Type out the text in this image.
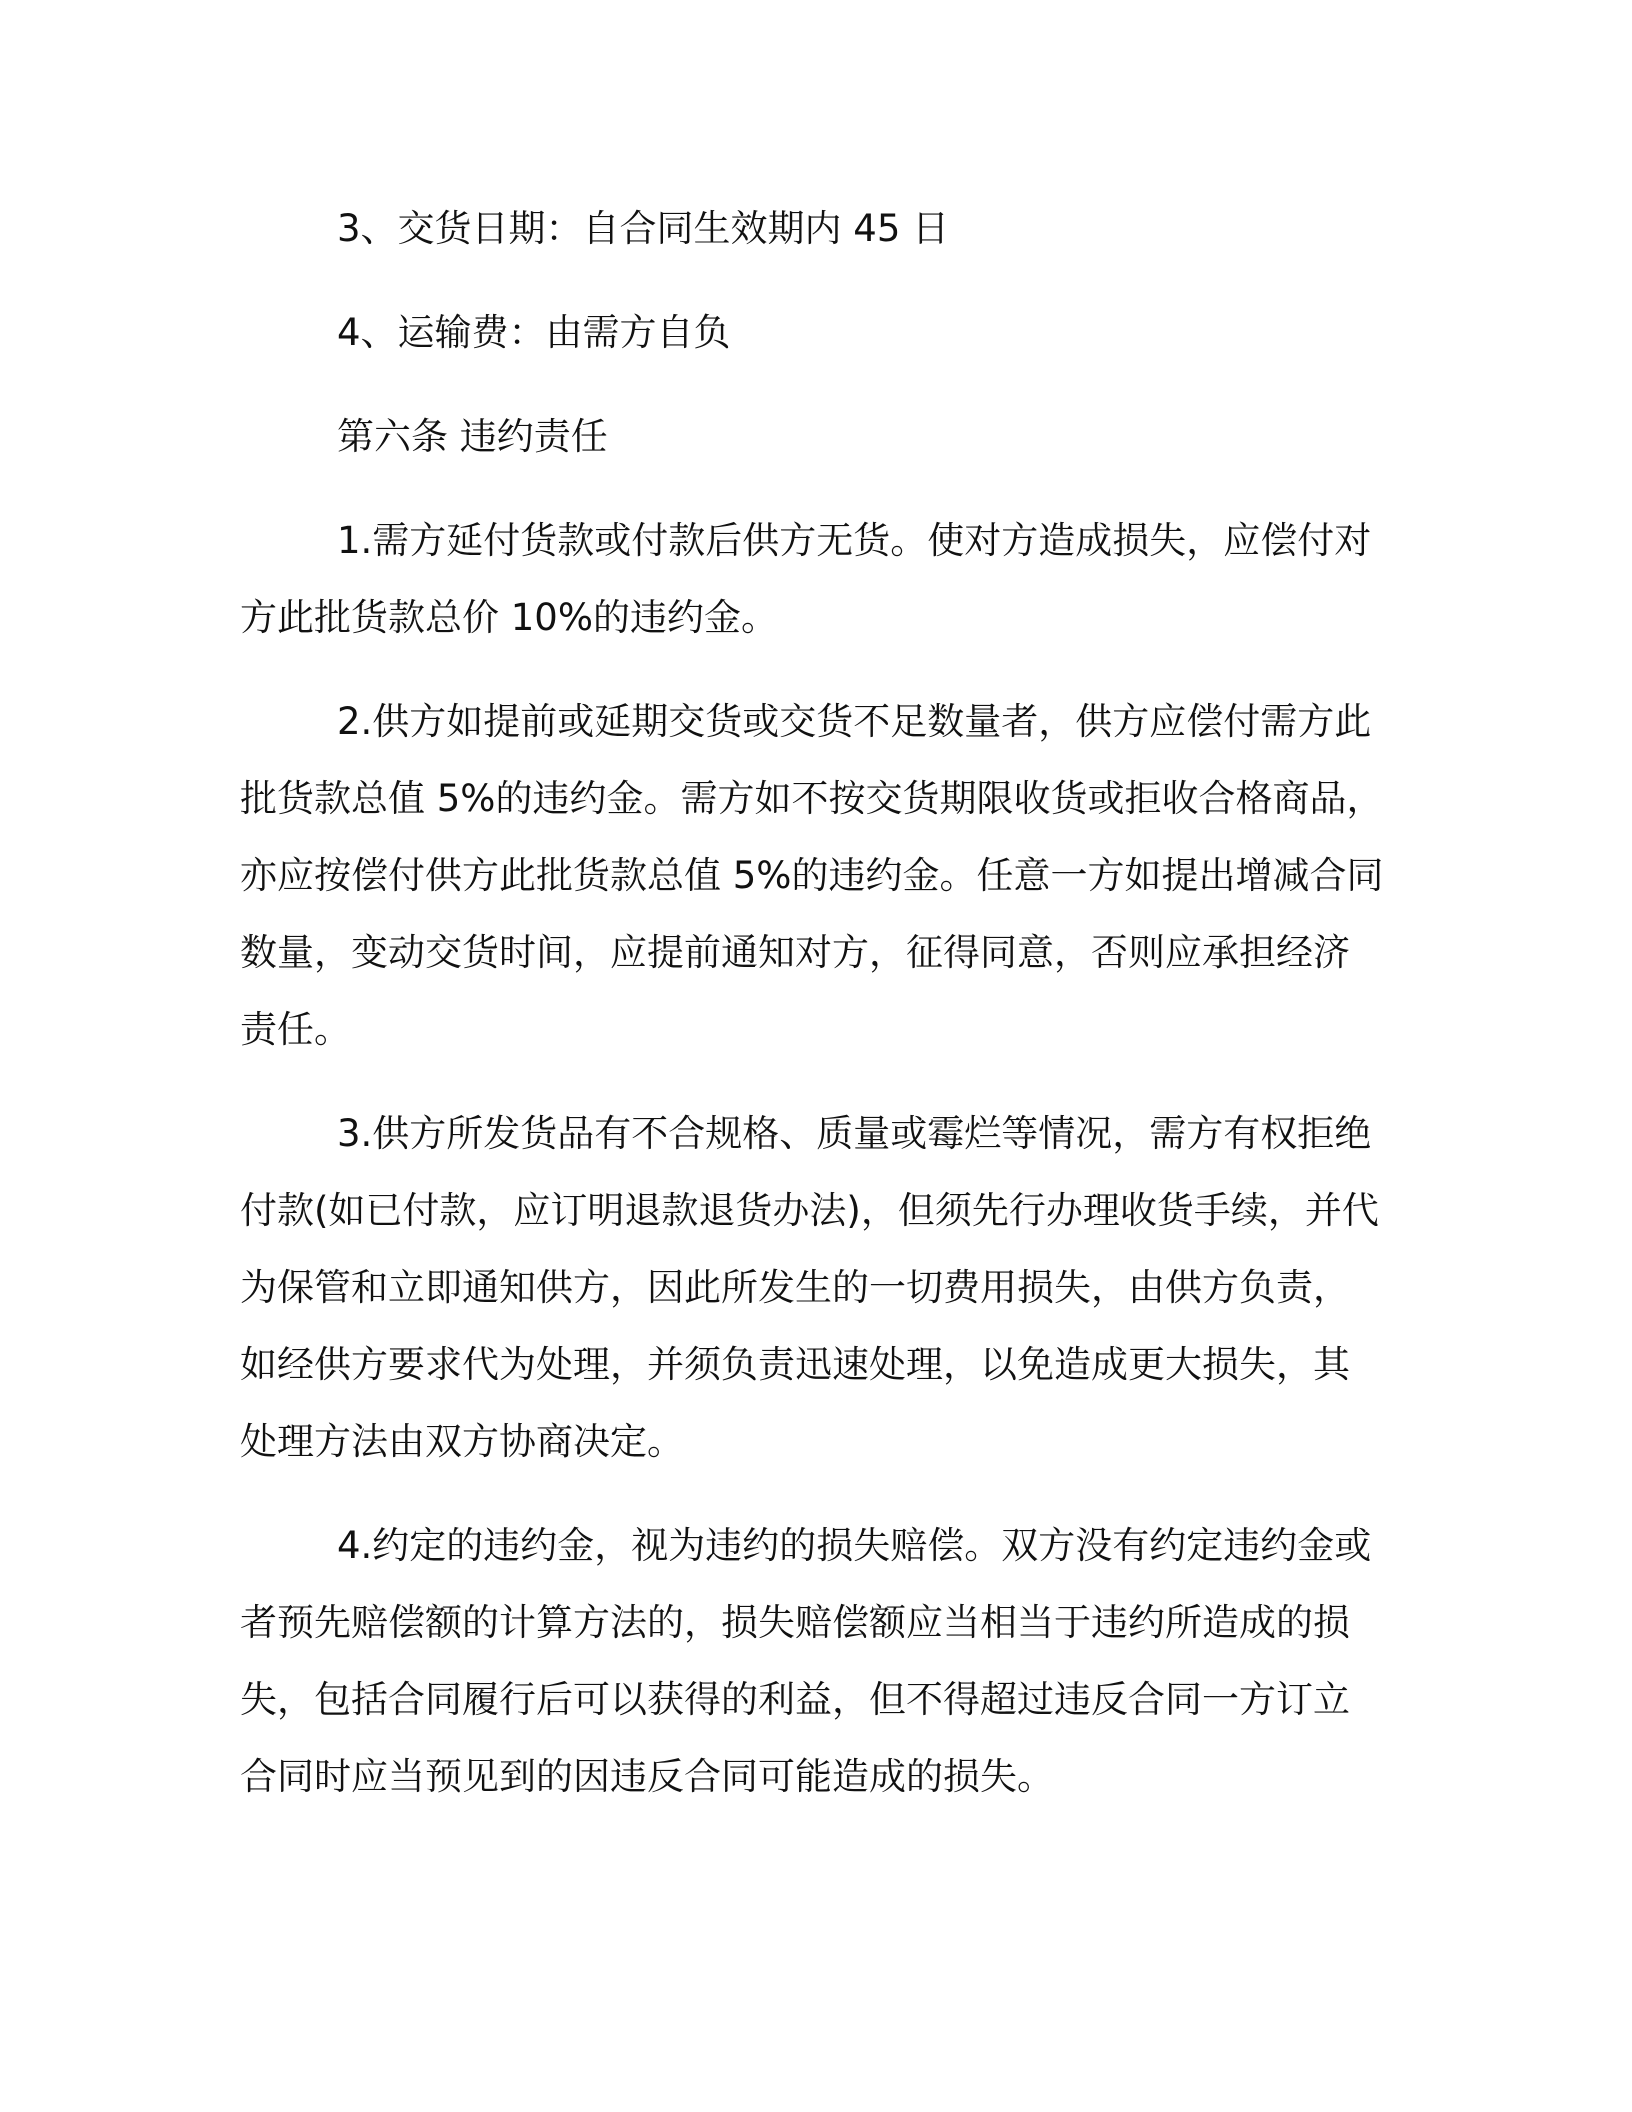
3、交货日期：自合同生效期内 45 日

4、运输费：由需方自负

第六条 违约责任

1.需方延付货款或付款后供方无货。使对方造成损失，应偿付对

方此批货款总价 10%的违约金。

2.供方如提前或延期交货或交货不足数量者，供方应偿付需方此

批货款总值 5%的违约金。需方如不按交货期限收货或拒收合格商品，

亦应按偿付供方此批货款总值 5%的违约金。任意一方如提出增减合同

数量，变动交货时间，应提前通知对方，征得同意，否则应承担经济

责任。

3.供方所发货品有不合规格、质量或霉烂等情况，需方有权拒绝

付款(如已付款，应订明退款退货办法)，但须先行办理收货手续，并代

为保管和立即通知供方，因此所发生的一切费用损失，由供方负责，

如经供方要求代为处理，并须负责迅速处理，以免造成更大损失，其

处理方法由双方协商决定。

4.约定的违约金，视为违约的损失赔偿。双方没有约定违约金或

者预先赔偿额的计算方法的，损失赔偿额应当相当于违约所造成的损

失，包括合同履行后可以获得的利益，但不得超过违反合同一方订立

合同时应当预见到的因违反合同可能造成的损失。
